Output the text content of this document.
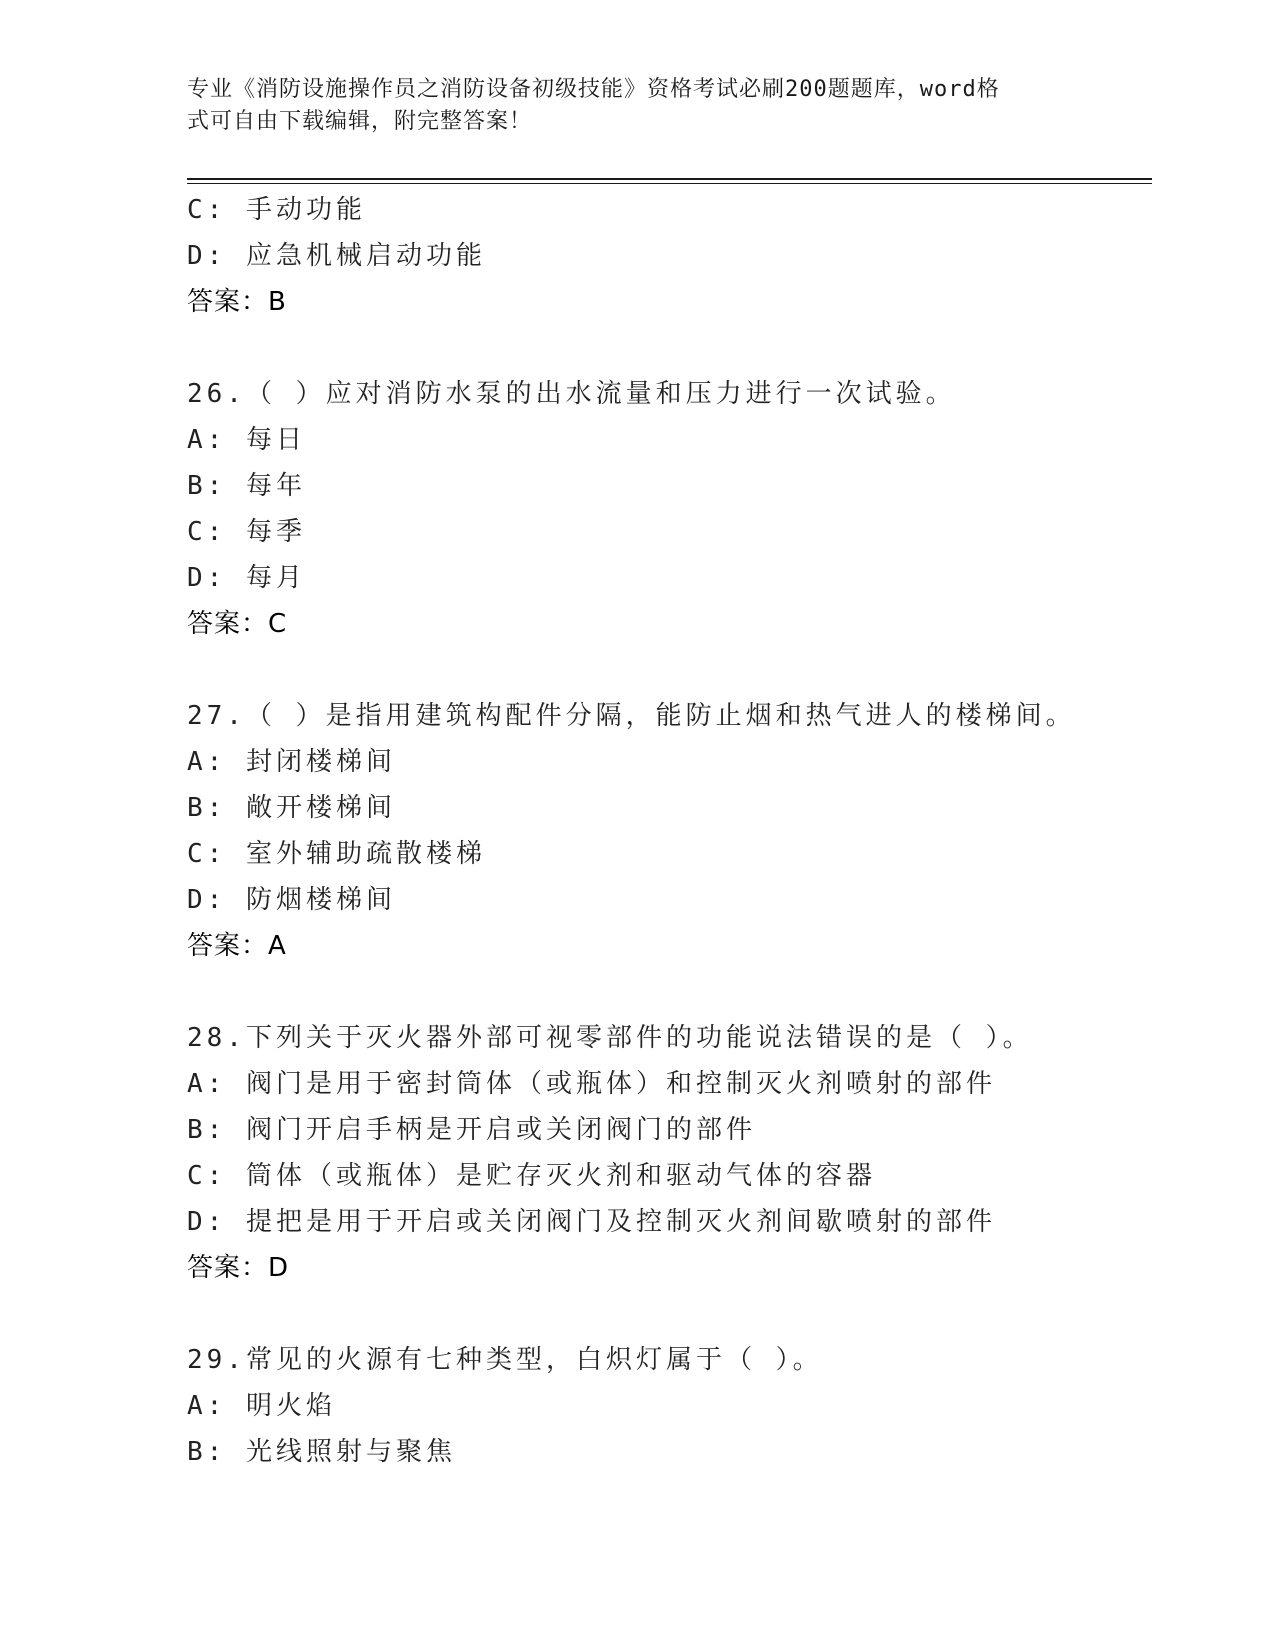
专业《消防设施操作员之消防设备初级技能》资格考试必刷200题题库，word格
式可自由下载编辑，附完整答案！
C: 手动功能
D: 应急机械启动功能
答案：B
26.（ ）应对消防水泵的出水流量和压力进行一次试验。
A: 每日
B: 每年
C: 每季
D: 每月
答案：C
27.（ ）是指用建筑构配件分隔，能防止烟和热气进人的楼梯间。
A: 封闭楼梯间
B: 敞开楼梯间
C: 室外辅助疏散楼梯
D: 防烟楼梯间
答案：A
28.下列关于灭火器外部可视零部件的功能说法错误的是（ ）。
A: 阀门是用于密封筒体（或瓶体）和控制灭火剂喷射的部件
B: 阀门开启手柄是开启或关闭阀门的部件
C: 筒体（或瓶体）是贮存灭火剂和驱动气体的容器
D: 提把是用于开启或关闭阀门及控制灭火剂间歇喷射的部件
答案：D
29.常见的火源有七种类型，白炽灯属于（ ）。
A: 明火焰
B: 光线照射与聚焦
